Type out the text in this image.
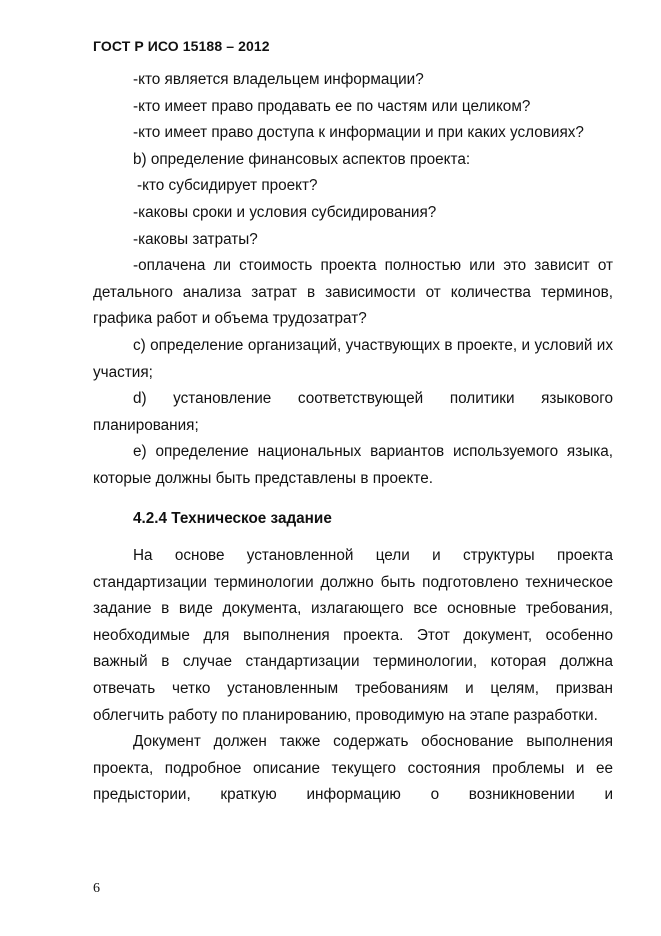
ГОСТ Р ИСО 15188 – 2012

-кто является владельцем информации?

-кто имеет право продавать ее по частям или целиком?

-кто имеет право доступа к информации и при каких условиях?

b) определение финансовых аспектов проекта:

-кто субсидирует проект?

-каковы сроки и условия субсидирования?

-каковы затраты?

-оплачена ли стоимость проекта полностью или это зависит от детального анализа затрат в зависимости от количества терминов, графика работ и объема трудозатрат?

c) определение организаций, участвующих в проекте, и условий их участия;

d) установление соответствующей политики языкового планирования;

e) определение национальных вариантов используемого языка, которые должны быть представлены в проекте.

4.2.4 Техническое задание

На основе установленной цели и структуры проекта стандартизации терминологии должно быть подготовлено техническое задание в виде документа, излагающего все основные требования, необходимые для выполнения проекта. Этот документ, особенно важный в случае стандартизации терминологии, которая должна отвечать четко установленным требованиям и целям, призван облегчить работу по планированию, проводимую на этапе разработки.

Документ должен также содержать обоснование выполнения проекта, подробное описание текущего состояния проблемы и ее предыстории, краткую информацию о возникновении и

6
